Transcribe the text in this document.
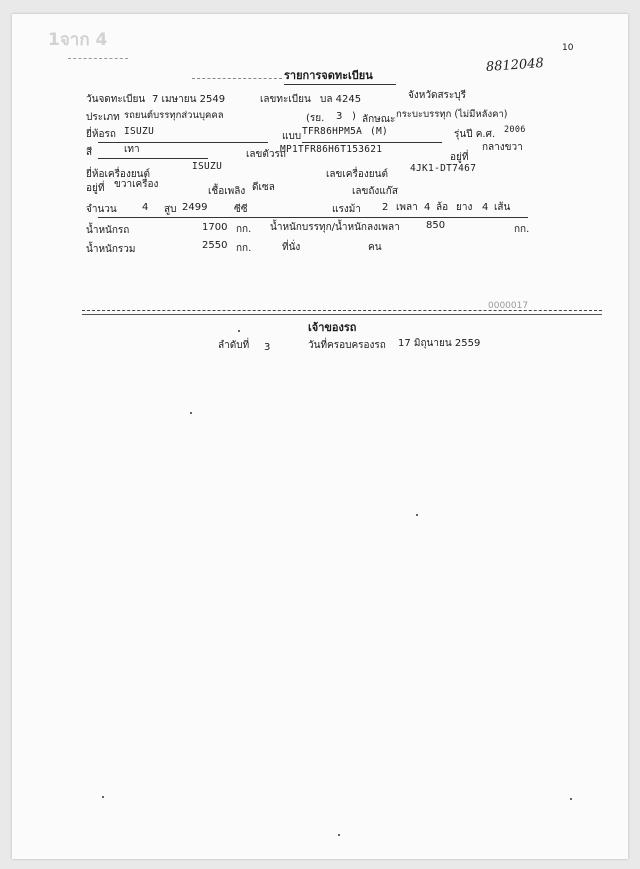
1จาก 4	10
8812048
รายการจดทะเบียน
วันจดทะเบียน 7 เมษายน 2549	เลขทะเบียน บล 4245	จังหวัดสระบุรี
ประเภท รถยนต์บรรทุกส่วนบุคคล	(รย. 3 ) ลักษณะ กระบะบรรทุก (ไม่มีหลังคา)
ยี่ห้อรถ ISUZU	แบบ TFR86HPM5A (M)	รุ่นปี ค.ศ. 2006
สี	เทา	เลขตัวรถ
MP1TFR86H6T153621
อยู่ที่
กลางขวา
ISUZU
ยี่ห้อเครื่องยนต์	เลขเครื่องยนต์
4JK1-DT7467
อยู่ที่ ขวาเครื่อง
เชื้อเพลิง ดีเซล	เลขถังแก๊ส
จำนวน	4 สูบ 2499	ซีซี	แรงม้า 2 เพลา 4 ล้อ ยาง 4 เส้น
น้ำหนักรถ	1700 กก. น้ำหนักบรรทุก/น้ำหนักลงเพลา	850	กก.
น้ำหนักรวม	2550 กก.	ที่นั่ง	คน
0000017
เจ้าของรถ
ลำดับที่ 3	วันที่ครอบครองรถ 17 มิถุนายน 2559
